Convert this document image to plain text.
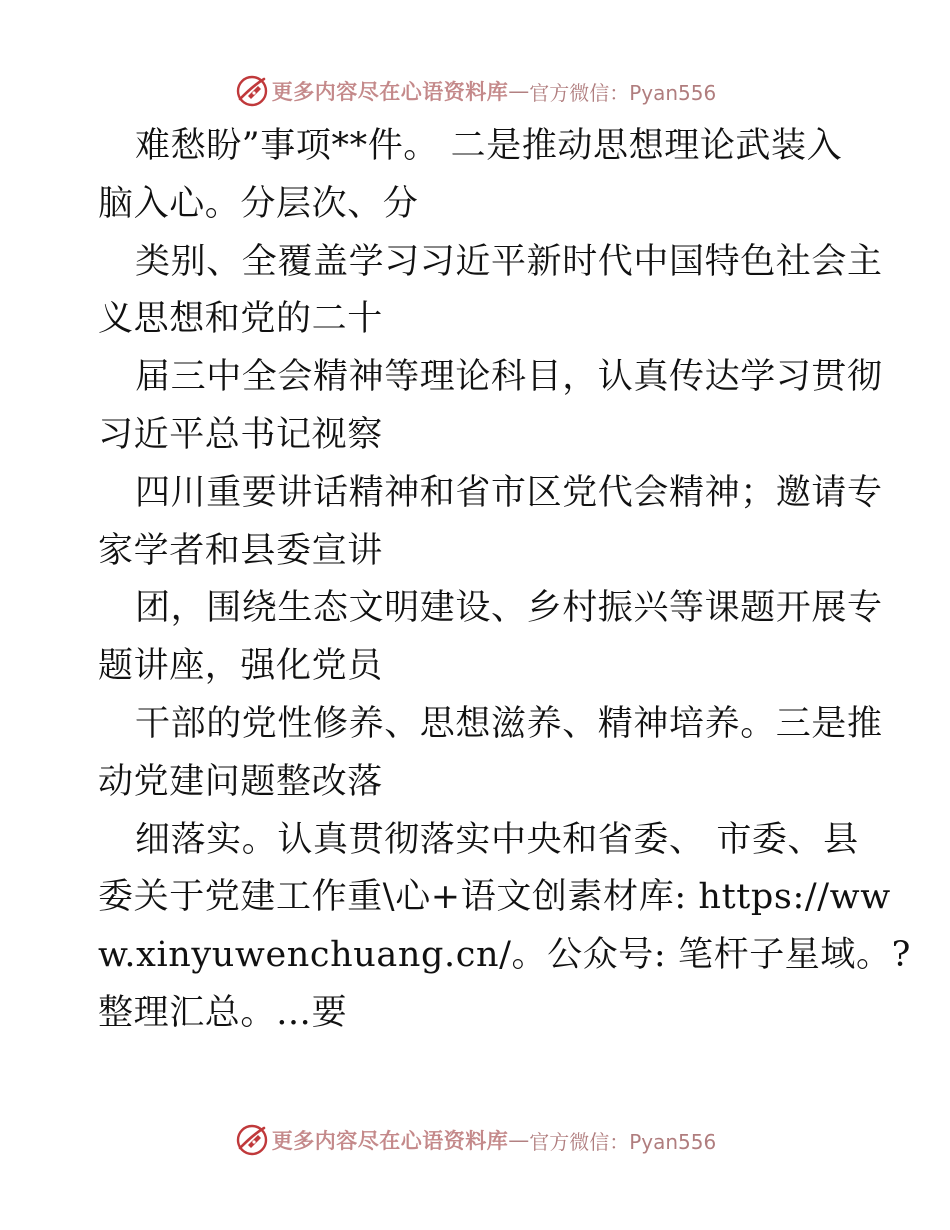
更多内容尽在心语资料库 — 官方微信：Pyan556
难愁盼”事项**件。 二是推动思想理论武装入
脑入心。分层次、分
类别、全覆盖学习习近平新时代中国特色社会主
义思想和党的二十
届三中全会精神等理论科目，认真传达学习贯彻
习近平总书记视察
四川重要讲话精神和省市区党代会精神；邀请专
家学者和县委宣讲
团，围绕生态文明建设、乡村振兴等课题开展专
题讲座，强化党员
干部的党性修养、思想滋养、精神培养。三是推
动党建问题整改落
细落实。认真贯彻落实中央和省委、 市委、县
委关于党建工作重\心+语文创素材库: https://ww
w.xinyuwenchuang.cn/。公众号: 笔杆子星域。?
整理汇总。…要
更多内容尽在心语资料库 — 官方微信：Pyan556
